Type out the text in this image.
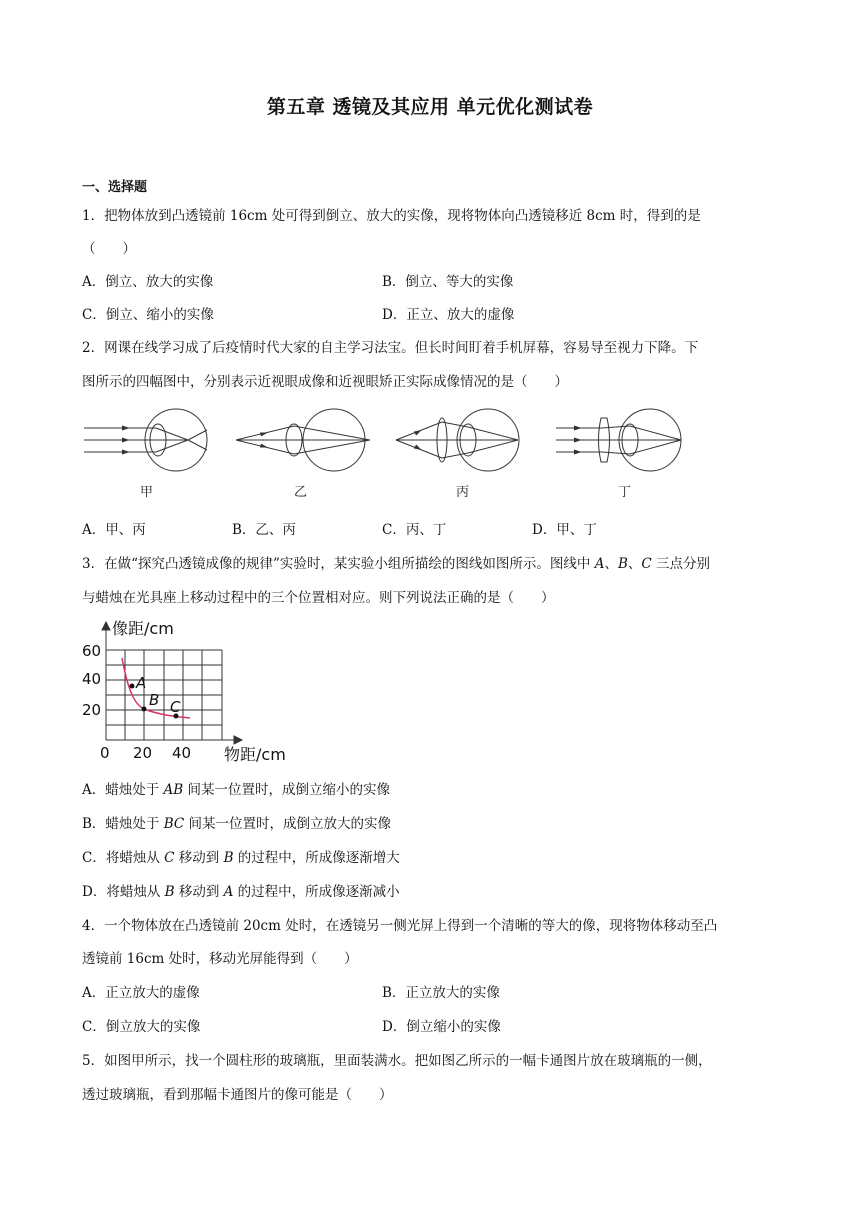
第五章 透镜及其应用 单元优化测试卷
一、选择题
1．把物体放到凸透镜前 16cm 处可得到倒立、放大的实像，现将物体向凸透镜移近 8cm 时，得到的是
（　　）
A．倒立、放大的实像	B．倒立、等大的实像
C．倒立、缩小的实像	D．正立、放大的虚像
2．网课在线学习成了后疫情时代大家的自主学习法宝。但长时间盯着手机屏幕，容易导至视力下降。下
图所示的四幅图中，分别表示近视眼成像和近视眼矫正实际成像情况的是（　　）
甲	乙	丙	丁
A．甲、丙	B．乙、丙	C．丙、丁	D．甲、丁
3．在做“探究凸透镜成像的规律”实验时，某实验小组所描绘的图线如图所示。图线中 A、B、C 三点分别
与蜡烛在光具座上移动过程中的三个位置相对应。则下列说法正确的是（　　）
A
B C
像距/cm
物距/cm
60
40
20
0 20 40
A．蜡烛处于 AB 间某一位置时，成倒立缩小的实像
B．蜡烛处于 BC 间某一位置时，成倒立放大的实像
C．将蜡烛从 C 移动到 B 的过程中，所成像逐渐增大
D．将蜡烛从 B 移动到 A 的过程中，所成像逐渐减小
4．一个物体放在凸透镜前 20cm 处时，在透镜另一侧光屏上得到一个清晰的等大的像，现将物体移动至凸
透镜前 16cm 处时，移动光屏能得到（　　）
A．正立放大的虚像	B．正立放大的实像
C．倒立放大的实像	D．倒立缩小的实像
5．如图甲所示，找一个圆柱形的玻璃瓶，里面装满水。把如图乙所示的一幅卡通图片放在玻璃瓶的一侧，
透过玻璃瓶，看到那幅卡通图片的像可能是（　　）
